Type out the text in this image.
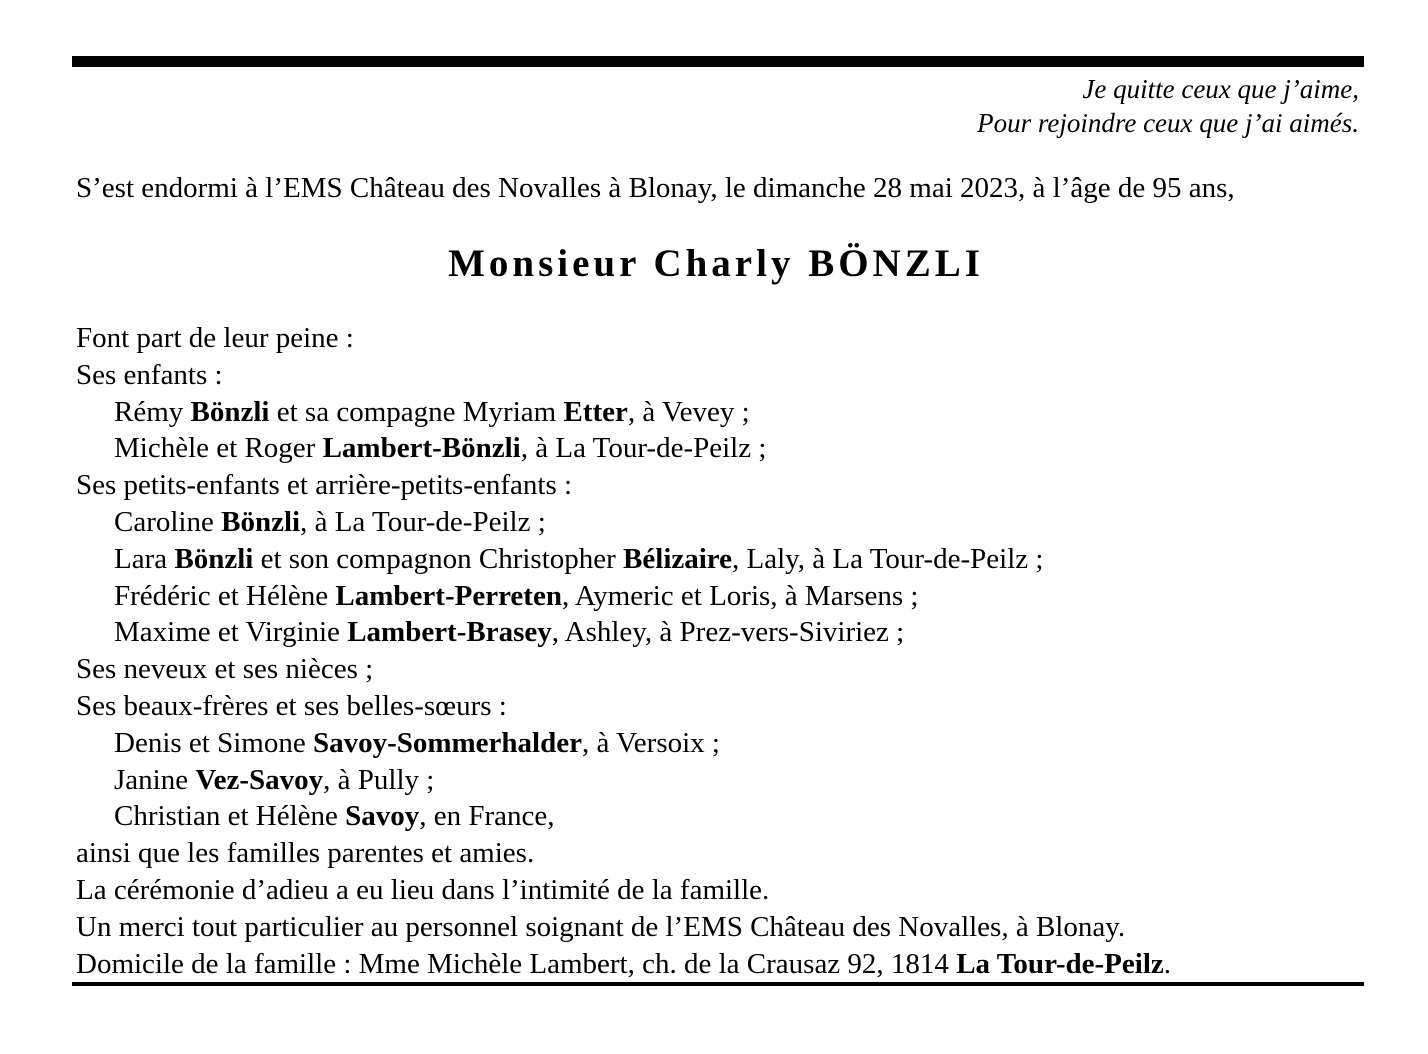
Je quitte ceux que j’aime,
Pour rejoindre ceux que j’ai aimés.
S’est endormi à l’EMS Château des Novalles à Blonay, le dimanche 28 mai 2023, à l’âge de 95 ans,
Monsieur Charly BÖNZLI
Font part de leur peine :
Ses enfants :
Rémy Bönzli et sa compagne Myriam Etter, à Vevey ;
Michèle et Roger Lambert-Bönzli, à La Tour-de-Peilz ;
Ses petits-enfants et arrière-petits-enfants :
Caroline Bönzli, à La Tour-de-Peilz ;
Lara Bönzli et son compagnon Christopher Bélizaire, Laly, à La Tour-de-Peilz ;
Frédéric et Hélène Lambert-Perreten, Aymeric et Loris, à Marsens ;
Maxime et Virginie Lambert-Brasey, Ashley, à Prez-vers-Siviriez ;
Ses neveux et ses nièces ;
Ses beaux-frères et ses belles-sœurs :
Denis et Simone Savoy-Sommerhalder, à Versoix ;
Janine Vez-Savoy, à Pully ;
Christian et Hélène Savoy, en France,
ainsi que les familles parentes et amies.
La cérémonie d’adieu a eu lieu dans l’intimité de la famille.
Un merci tout particulier au personnel soignant de l’EMS Château des Novalles, à Blonay.
Domicile de la famille : Mme Michèle Lambert, ch. de la Crausaz 92, 1814 La Tour-de-Peilz.
